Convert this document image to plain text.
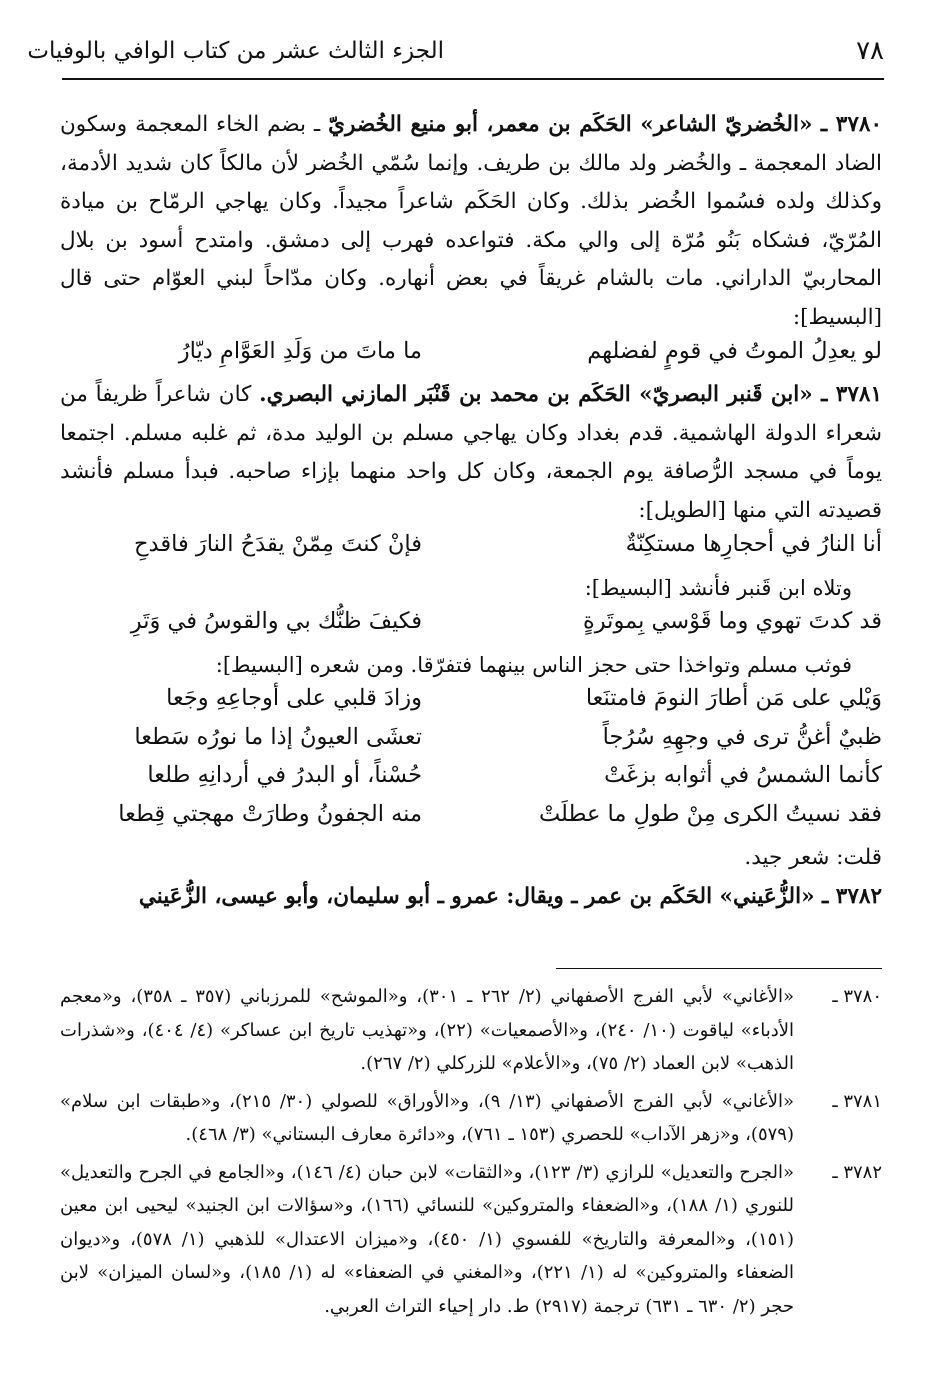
الجزء الثالث عشر من كتاب الوافي بالوفيات	٧٨

٣٧٨٠ ـ «الخُضريّ الشاعر» الحَكَم بن معمر، أبو منيع الخُضريّ ـ بضم الخاء المعجمة وسكون الضاد المعجمة ـ والخُضر ولد مالك بن طريف. وإنما سُمّي الخُضر لأن مالكاً كان شديد الأدمة، وكذلك ولده فسُموا الخُضر بذلك. وكان الحَكَم شاعراً مجيداً. وكان يهاجي الرمّاح بن ميادة المُرّيّ، فشكاه بَنُو مُرّة إلى والي مكة. فتواعده فهرب إلى دمشق. وامتدح أسود بن بلال المحاربيّ الداراني. مات بالشام غريقاً في بعض أنهاره. وكان مدّاحاً لبني العوّام حتى قال [البسيط]:

لو يعدِلُ الموتُ في قومٍ لفضلهم
ما ماتَ من وَلَدِ العَوَّامِ ديّارُ

٣٧٨١ ـ «ابن قَنبر البصريّ» الحَكَم بن محمد بن قَنْبَر المازني البصري. كان شاعراً ظريفاً من شعراء الدولة الهاشمية. قدم بغداد وكان يهاجي مسلم بن الوليد مدة، ثم غلبه مسلم. اجتمعا يوماً في مسجد الرُّصافة يوم الجمعة، وكان كل واحد منهما بإزاء صاحبه. فبدأ مسلم فأنشد قصيدته التي منها [الطويل]:

أنا النارُ في أحجارِها مستكِنّةٌ
فإنْ كنتَ مِمّنْ يقدَحُ النارَ فاقدحِ

وتلاه ابن قَنبر فأنشد [البسيط]:

قد كدتَ تهوي وما قَوْسي بِموتَرةٍ
فكيفَ ظنُّك بي والقوسُ في وَتَرِ

فوثب مسلم وتواخذا حتى حجز الناس بينهما فتفرّقا. ومن شعره [البسيط]:

وَيْلي على مَن أطارَ النومَ فامتنَعا
وزادَ قلبي على أوجاعِهِ وجَعا
ظبيٌ أغنُّ ترى في وجهِهِ سُرُجاً
تعشَى العيونُ إذا ما نورُه سَطعا
كأنما الشمسُ في أثوابه بزغَتْ
حُسْناً، أو البدرُ في أردانِهِ طلعا
فقد نسيتُ الكرى مِنْ طولِ ما عطلَتْ
منه الجفونُ وطارَتْ مهجتي قِطعا

قلت: شعر جيد.

٣٧٨٢ ـ «الزُّعَيني» الحَكَم بن عمر ـ ويقال: عمرو ـ أبو سليمان، وأبو عيسى، الزُّعَيني

٣٧٨٠ ـ
«الأغاني» لأبي الفرج الأصفهاني (٢/ ٢٦٢ ـ ٣٠١)، و«الموشح» للمرزباني (٣٥٧ ـ ٣٥٨)، و«معجم الأدباء» لياقوت (١٠/ ٢٤٠)، و«الأصمعيات» (٢٢)، و«تهذيب تاريخ ابن عساكر» (٤/ ٤٠٤)، و«شذرات الذهب» لابن العماد (٢/ ٧٥)، و«الأعلام» للزركلي (٢/ ٢٦٧).

٣٧٨١ ـ
«الأغاني» لأبي الفرج الأصفهاني (١٣/ ٩)، و«الأوراق» للصولي (٣٠/ ٢١٥)، و«طبقات ابن سلام» (٥٧٩)، و«زهر الآداب» للحصري (١٥٣ ـ ٧٦١)، و«دائرة معارف البستاني» (٣/ ٤٦٨).

٣٧٨٢ ـ
«الجرح والتعديل» للرازي (٣/ ١٢٣)، و«الثقات» لابن حبان (٤/ ١٤٦)، و«الجامع في الجرح والتعديل» للنوري (١/ ١٨٨)، و«الضعفاء والمتروكين» للنسائي (١٦٦)، و«سؤالات ابن الجنيد» ليحيى ابن معين (١٥١)، و«المعرفة والتاريخ» للفسوي (١/ ٤٥٠)، و«ميزان الاعتدال» للذهبي (١/ ٥٧٨)، و«ديوان الضعفاء والمتروكين» له (١/ ٢٢١)، و«المغني في الضعفاء» له (١/ ١٨٥)، و«لسان الميزان» لابن حجر (٢/ ٦٣٠ ـ ٦٣١) ترجمة (٢٩١٧) ط. دار إحياء التراث العربي.
